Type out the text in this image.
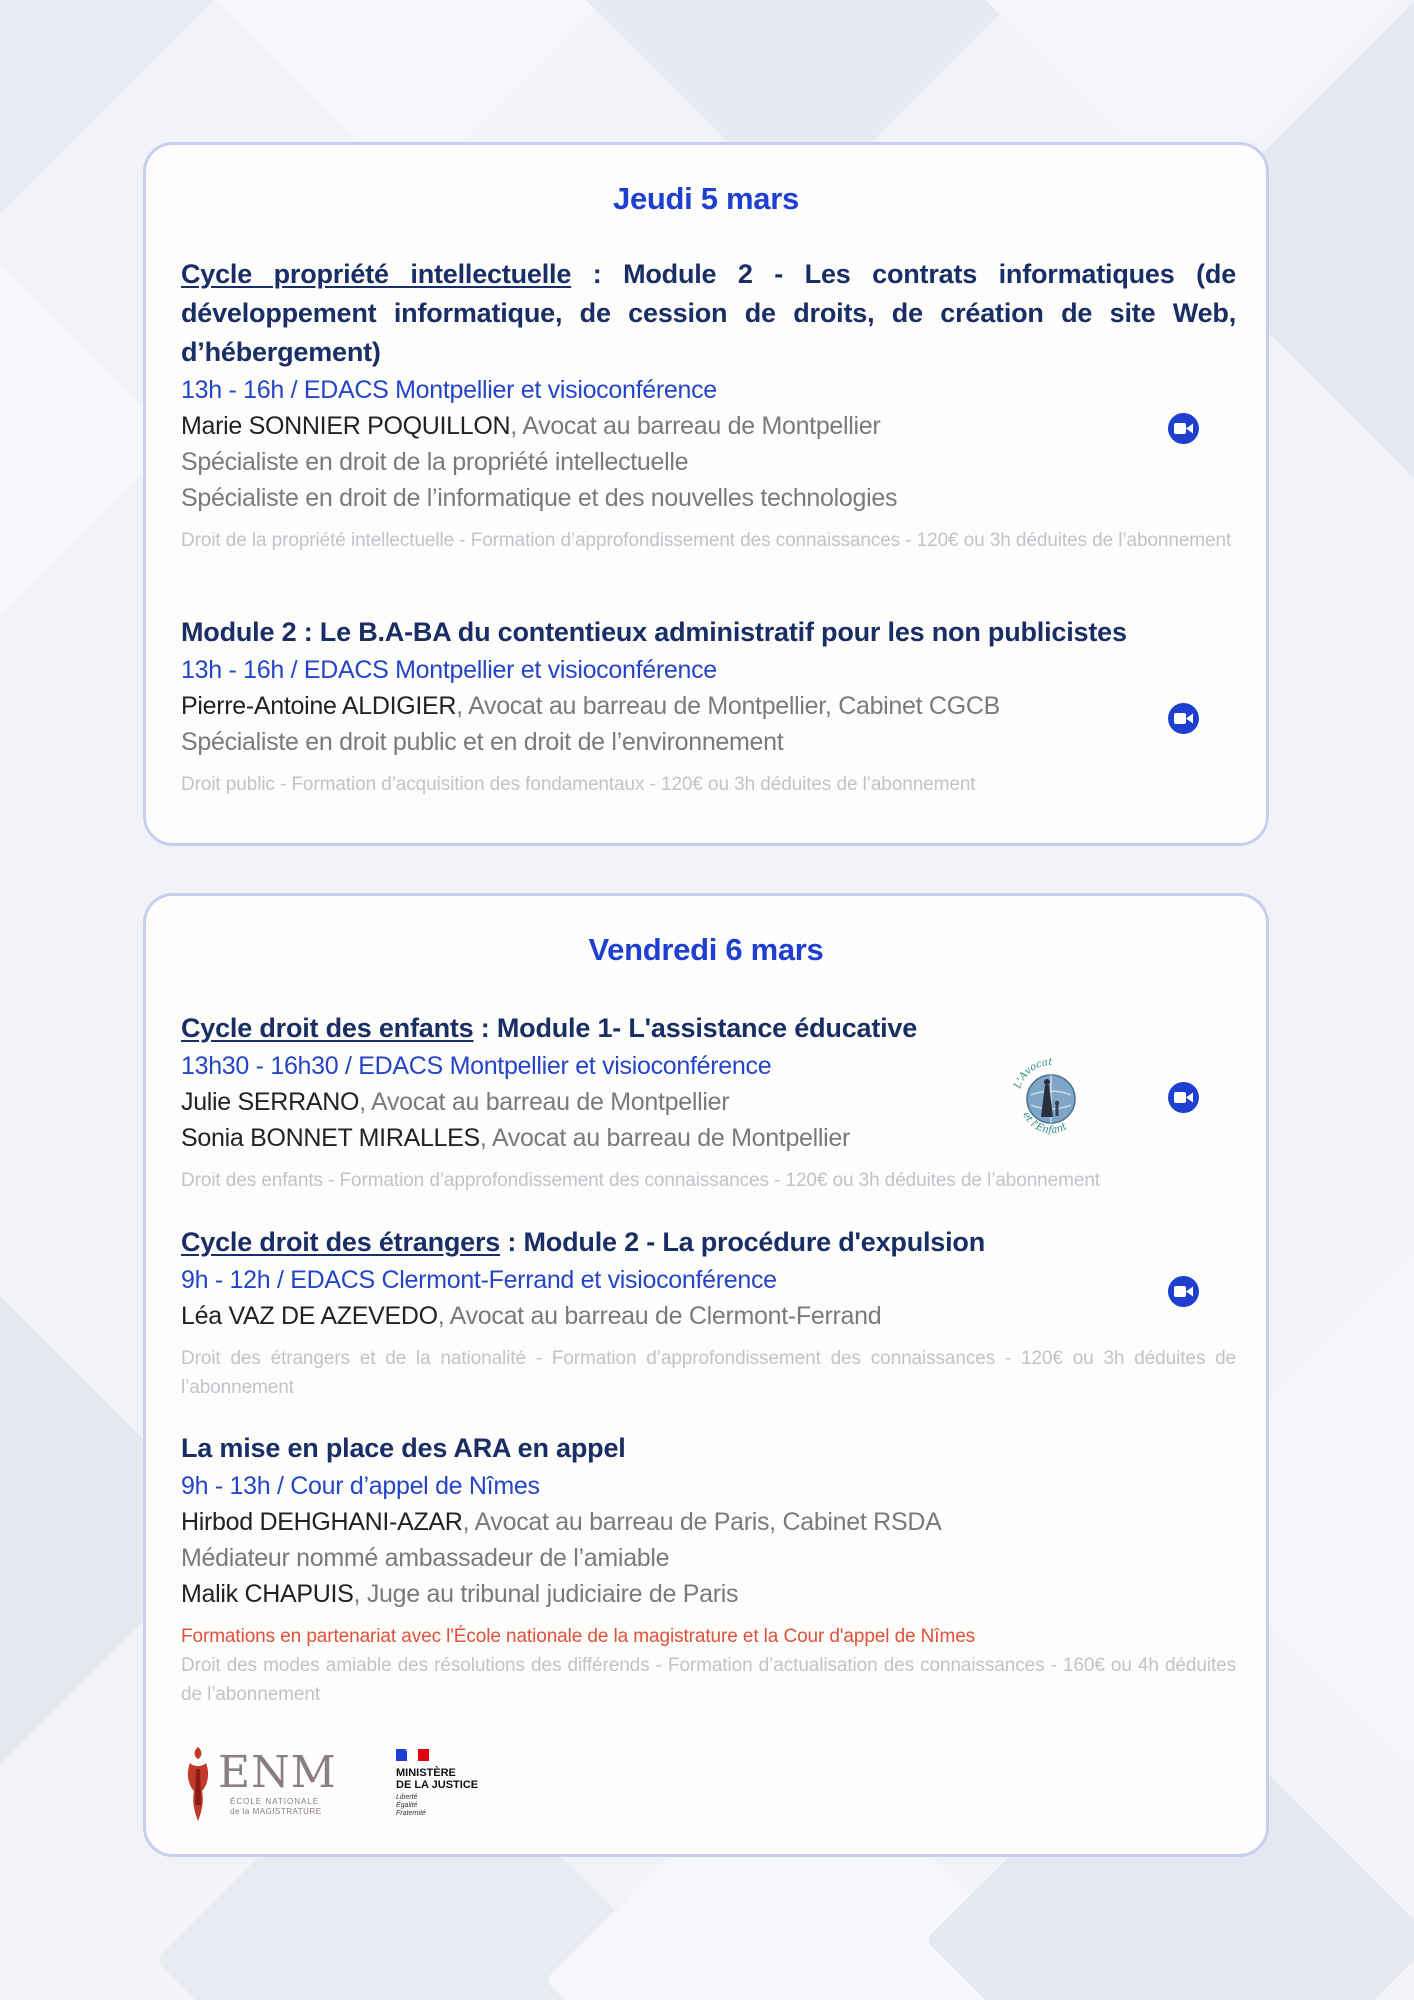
Jeudi 5 mars

Cycle propriété intellectuelle : Module 2 - Les contrats informatiques (de développement informatique, de cession de droits, de création de site Web, d’hébergement)

13h - 16h / EDACS Montpellier et visioconférence
Marie SONNIER POQUILLON, Avocat au barreau de Montpellier
Spécialiste en droit de la propriété intellectuelle
Spécialiste en droit de l’informatique et des nouvelles technologies
Droit de la propriété intellectuelle - Formation d’approfondissement des connaissances - 120€ ou 3h déduites de l’abonnement

Module 2 : Le B.A-BA du contentieux administratif pour les non publicistes

13h - 16h / EDACS Montpellier et visioconférence
Pierre-Antoine ALDIGIER, Avocat au barreau de Montpellier, Cabinet CGCB
Spécialiste en droit public et en droit de l’environnement
Droit public - Formation d’acquisition des fondamentaux - 120€ ou 3h déduites de l’abonnement
Vendredi 6 mars

Cycle droit des enfants : Module 1- L'assistance éducative

13h30 - 16h30 / EDACS Montpellier et visioconférence
Julie SERRANO, Avocat au barreau de Montpellier
Sonia BONNET MIRALLES, Avocat au barreau de Montpellier
Droit des enfants - Formation d’approfondissement des connaissances - 120€ ou 3h déduites de l’abonnement
L'Avocat
et l'Enfant

Cycle droit des étrangers : Module 2 - La procédure d'expulsion

9h - 12h / EDACS Clermont-Ferrand et visioconférence
Léa VAZ DE AZEVEDO, Avocat au barreau de Clermont-Ferrand
Droit des étrangers et de la nationalité - Formation d’approfondissement des connaissances - 120€ ou 3h déduites de l’abonnement

La mise en place des ARA en appel

9h - 13h / Cour d’appel de Nîmes
Hirbod DEHGHANI-AZAR, Avocat au barreau de Paris, Cabinet RSDA
Médiateur nommé ambassadeur de l’amiable
Malik CHAPUIS, Juge au tribunal judiciaire de Paris
Formations en partenariat avec l'École nationale de la magistrature et la Cour d'appel de Nîmes
Droit des modes amiable des résolutions des différends - Formation d’actualisation des connaissances - 160€ ou 4h déduites de l’abonnement
ENM
ÉCOLE NATIONALE
de la MAGISTRATURE
MINISTÈRE
DE LA JUSTICE
Liberté
Égalité
Fraternité
